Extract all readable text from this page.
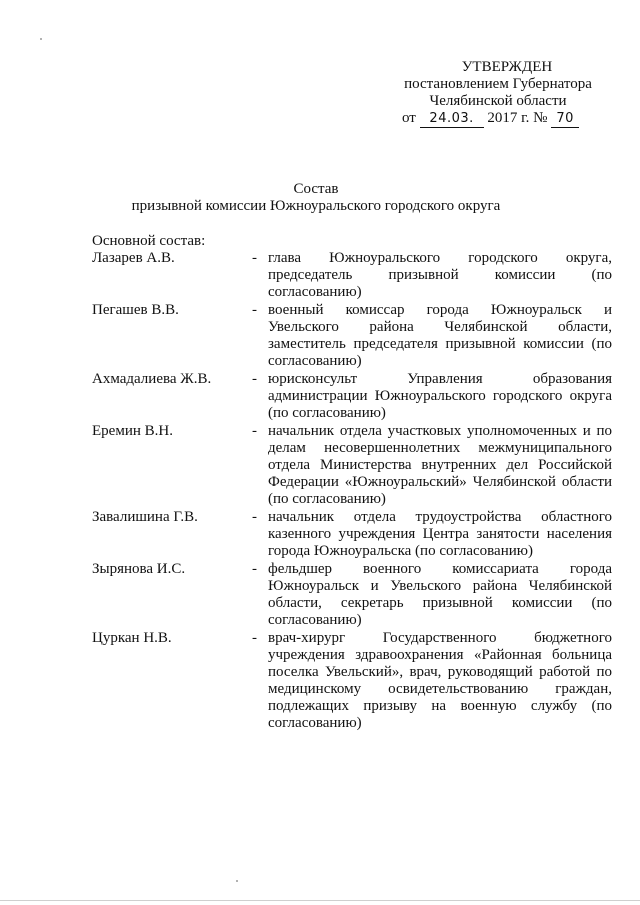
УТВЕРЖДЕН
постановлением Губернатора
Челябинской области
от 24.03. 2017 г. № 70
Состав
призывной комиссии Южноуральского городского округа
Основной состав:
Лазарев А.В.	- глава Южноуральского городского округа, председатель призывной комиссии (по согласованию)
Пегашев В.В.	- военный комиссар города Южноуральск и Увельского района Челябинской области, заместитель председателя призывной комиссии (по согласованию)
Ахмадалиева Ж.В.	- юрисконсульт Управления образования администрации Южноуральского городского округа (по согласованию)
Еремин В.Н.	- начальник отдела участковых уполномоченных и по делам несовершеннолетних межмуниципального отдела Министерства внутренних дел Российской Федерации «Южноуральский» Челябинской области (по согласованию)
Завалишина Г.В.	- начальник отдела трудоустройства областного казенного учреждения Центра занятости населения города Южноуральска (по согласованию)
Зырянова И.С.	- фельдшер военного комиссариата города Южноуральск и Увельского района Челябинской области, секретарь призывной комиссии (по согласованию)
Цуркан Н.В.	- врач-хирург Государственного бюджетного учреждения здравоохранения «Районная больница поселка Увельский», врач, руководящий работой по медицинскому освидетельствованию граждан, подлежащих призыву на военную службу (по согласованию)
